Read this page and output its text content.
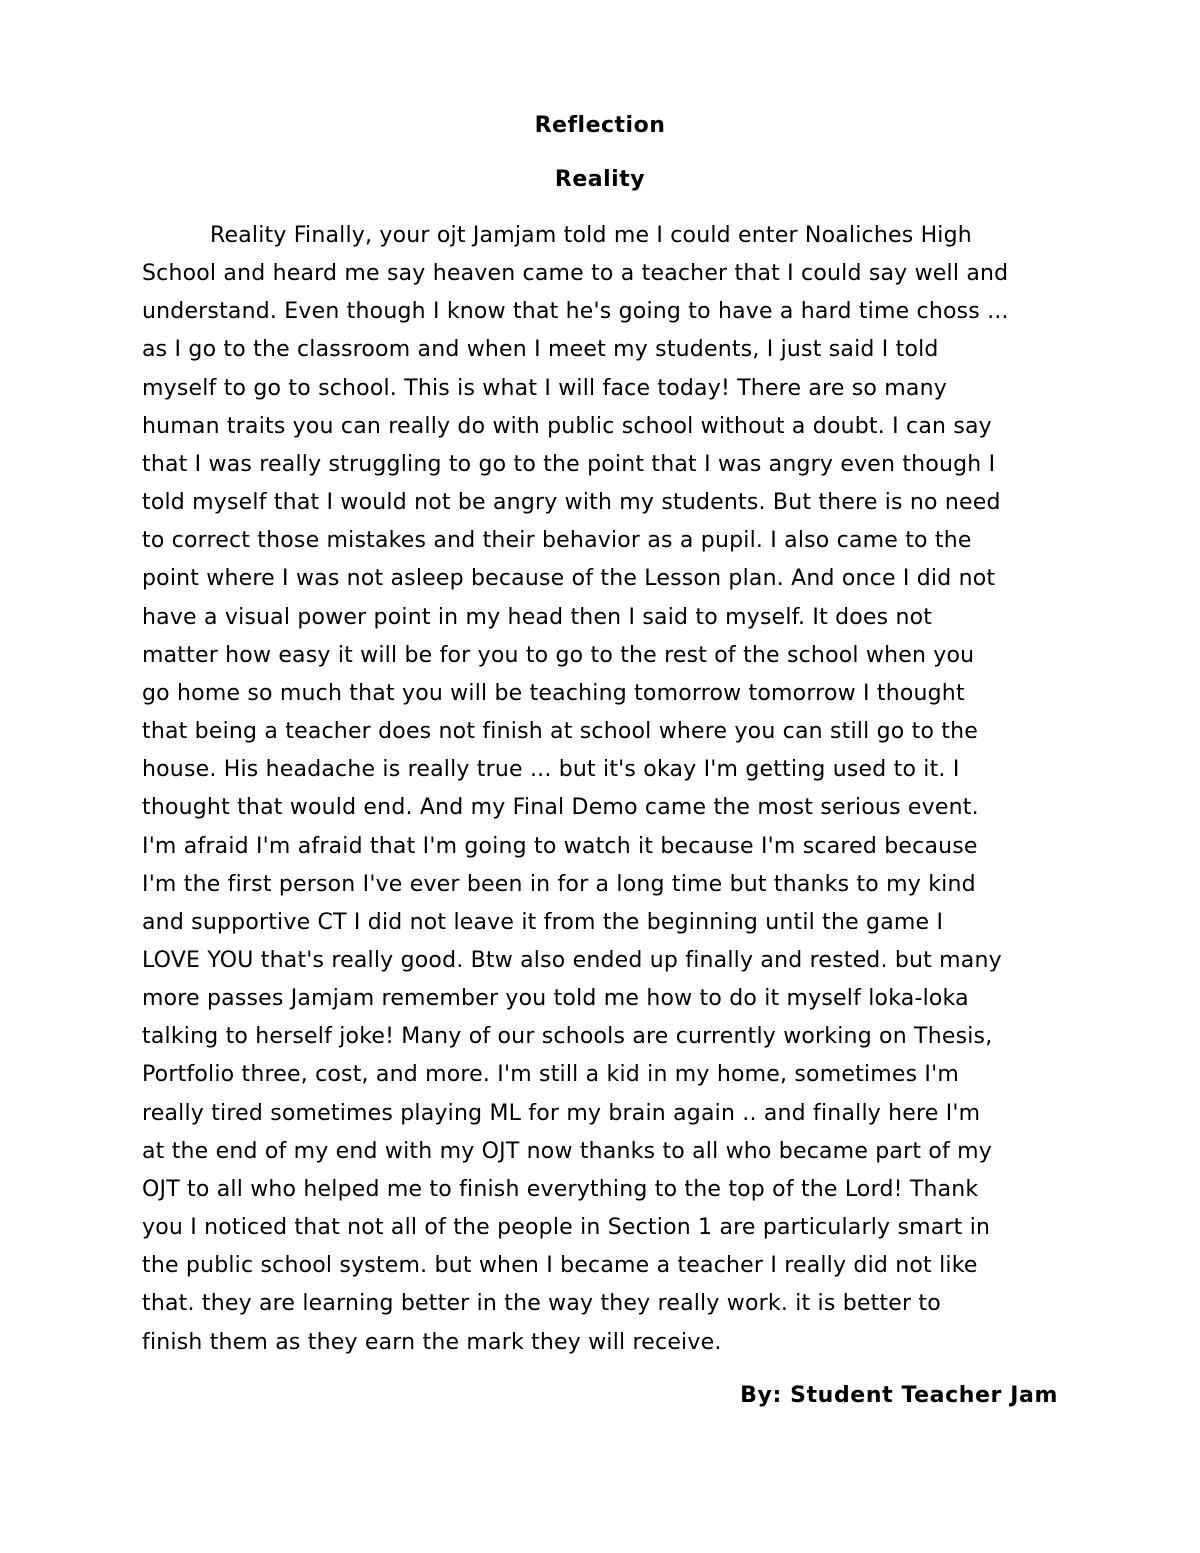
Reflection
Reality
Reality Finally, your ojt Jamjam told me I could enter Noaliches High
School and heard me say heaven came to a teacher that I could say well and
understand. Even though I know that he's going to have a hard time choss ...
as I go to the classroom and when I meet my students, I just said I told
myself to go to school. This is what I will face today! There are so many
human traits you can really do with public school without a doubt. I can say
that I was really struggling to go to the point that I was angry even though I
told myself that I would not be angry with my students. But there is no need
to correct those mistakes and their behavior as a pupil. I also came to the
point where I was not asleep because of the Lesson plan. And once I did not
have a visual power point in my head then I said to myself. It does not
matter how easy it will be for you to go to the rest of the school when you
go home so much that you will be teaching tomorrow tomorrow I thought
that being a teacher does not finish at school where you can still go to the
house. His headache is really true ... but it's okay I'm getting used to it. I
thought that would end. And my Final Demo came the most serious event.
I'm afraid I'm afraid that I'm going to watch it because I'm scared because
I'm the first person I've ever been in for a long time but thanks to my kind
and supportive CT I did not leave it from the beginning until the game I
LOVE YOU that's really good. Btw also ended up finally and rested. but many
more passes Jamjam remember you told me how to do it myself loka-loka
talking to herself joke! Many of our schools are currently working on Thesis,
Portfolio three, cost, and more. I'm still a kid in my home, sometimes I'm
really tired sometimes playing ML for my brain again .. and finally here I'm
at the end of my end with my OJT now thanks to all who became part of my
OJT to all who helped me to finish everything to the top of the Lord! Thank
you I noticed that not all of the people in Section 1 are particularly smart in
the public school system. but when I became a teacher I really did not like
that. they are learning better in the way they really work. it is better to
finish them as they earn the mark they will receive.
By: Student Teacher Jam
